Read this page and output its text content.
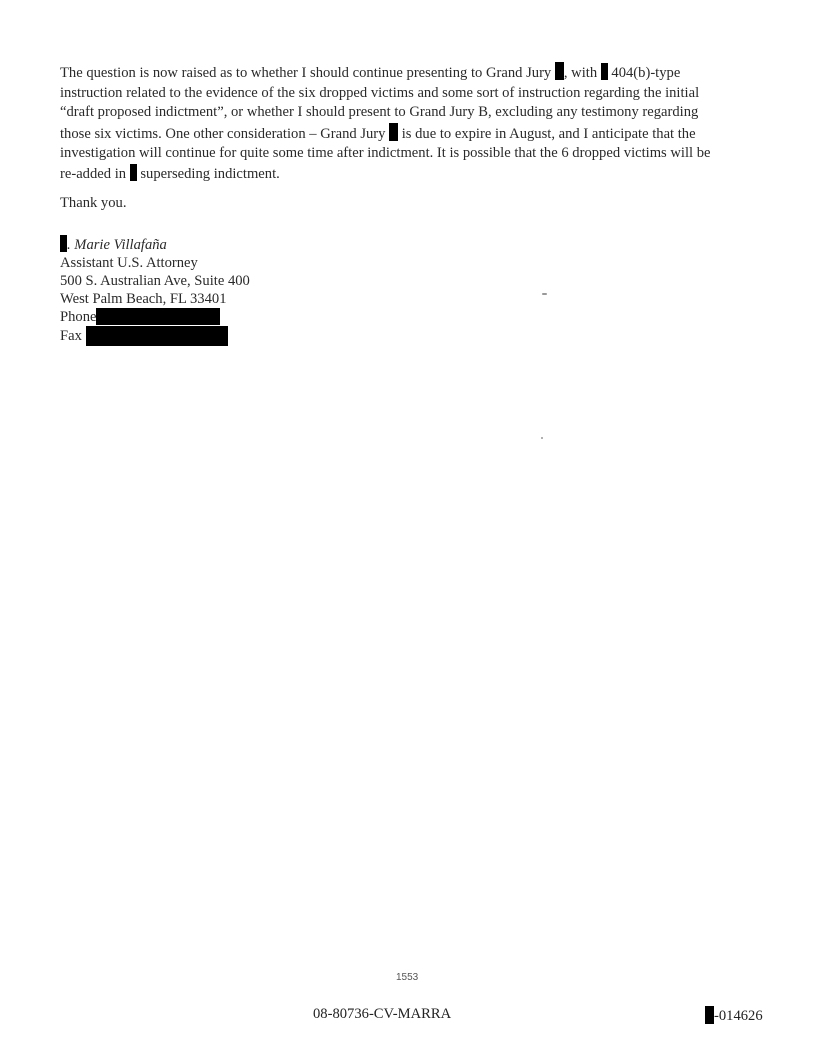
The question is now raised as to whether I should continue presenting to Grand Jury , with  404(b)-type
instruction related to the evidence of the six dropped victims and some sort of instruction regarding the initial
“draft proposed indictment”, or whether I should present to Grand Jury B, excluding any testimony regarding
those six victims. One other consideration – Grand Jury  is due to expire in August, and I anticipate that the
investigation will continue for quite some time after indictment. It is possible that the 6 dropped victims will be
re-added in  superseding indictment.
Thank you.
. Marie Villafaña
Assistant U.S. Attorney
500 S. Australian Ave, Suite 400
West Palm Beach, FL 33401
Phone
Fax
1553
08-80736-CV-MARRA	-014626
